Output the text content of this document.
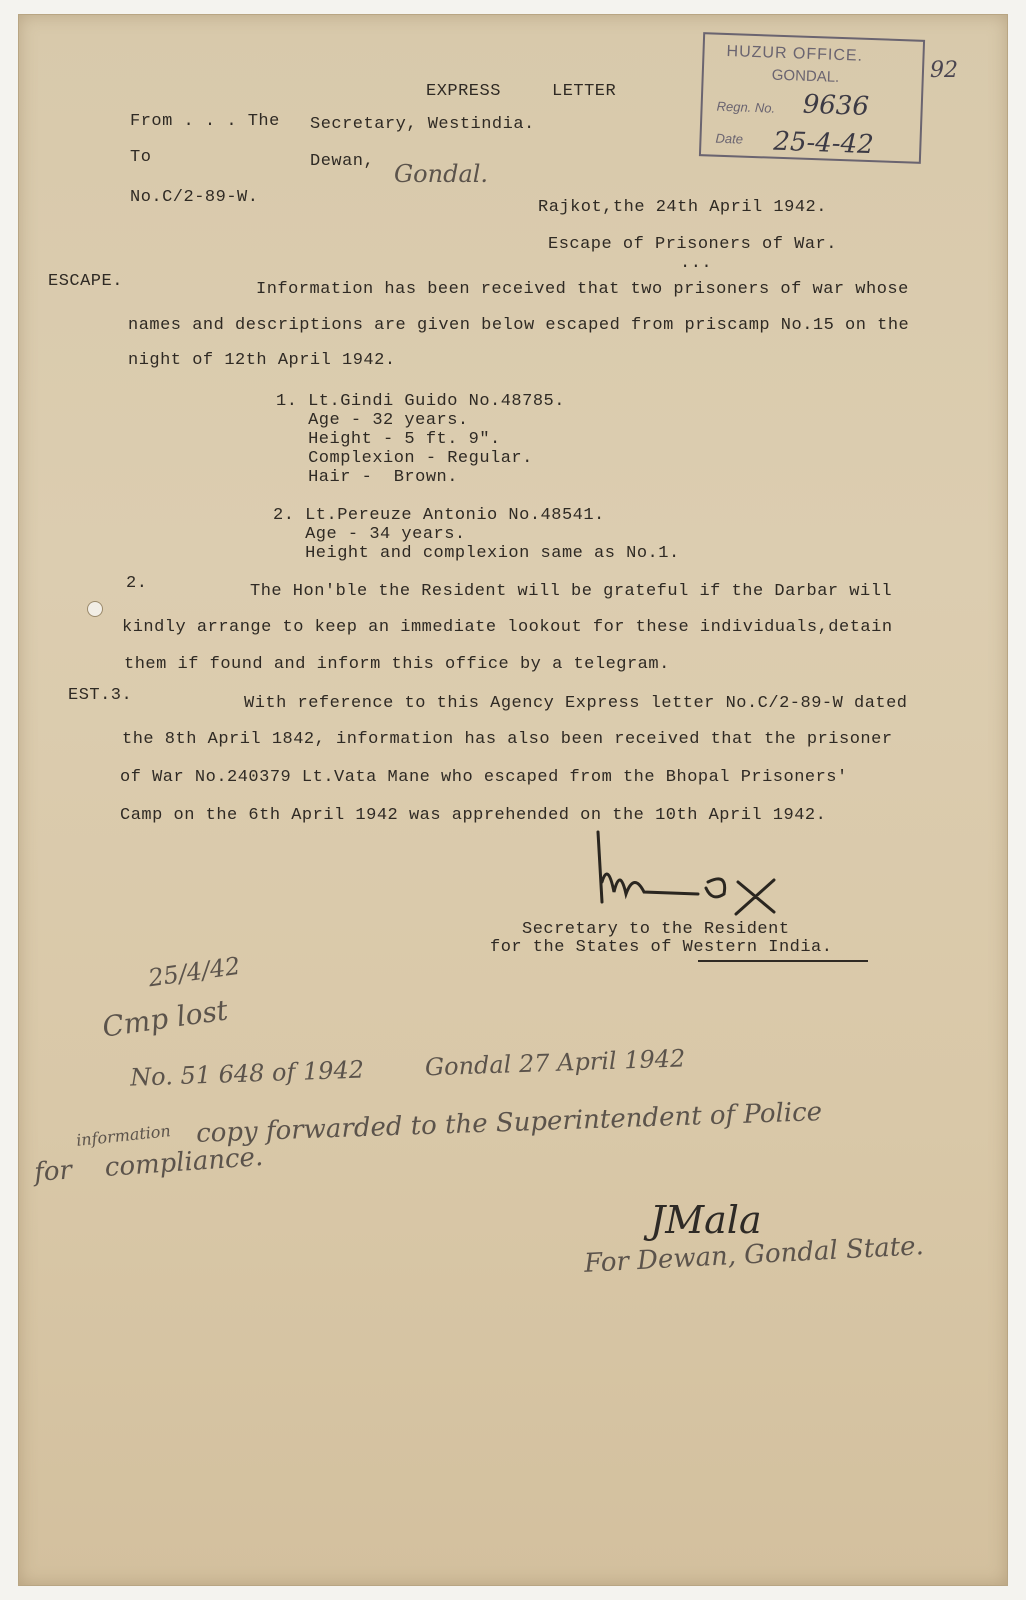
HUZUR OFFICE.
GONDAL.
Regn. No. 9636
Date 25-4-42
92
EXPRESS	LETTER
From . . . The Secretary, Westindia.
To	Dewan, Gondal.
No.C/2-89-W.
Rajkot,the 24th April 1942.
Escape of Prisoners of War.
...
ESCAPE.	Information has been received that two prisoners of war whose
names and descriptions are given below escaped from priscamp No.15 on the
night of 12th April 1942.
1. Lt.Gindi Guido No.48785.
Age - 32 years.
Height - 5 ft. 9".
Complexion - Regular.
Hair -  Brown.
2. Lt.Pereuze Antonio No.48541.
Age - 34 years.
Height and complexion same as No.1.
2.	The Hon'ble the Resident will be grateful if the Darbar will
kindly arrange to keep an immediate lookout for these individuals,detain
them if found and inform this office by a telegram.
EST.3.	With reference to this Agency Express letter No.C/2-89-W dated
the 8th April 1842, information has also been received that the prisoner
of War No.240379 Lt.Vata Mane who escaped from the Bhopal Prisoners'
Camp on the 6th April 1942 was apprehended on the 10th April 1942.
Secretary to the Resident
for the States of Western India.
25/4/42
Cmp lost
No. 51 648 of 1942        Gondal 27 April 1942
copy forwarded to the Superintendent of Police
information
for    compliance.
JMala
For Dewan, Gondal State.
